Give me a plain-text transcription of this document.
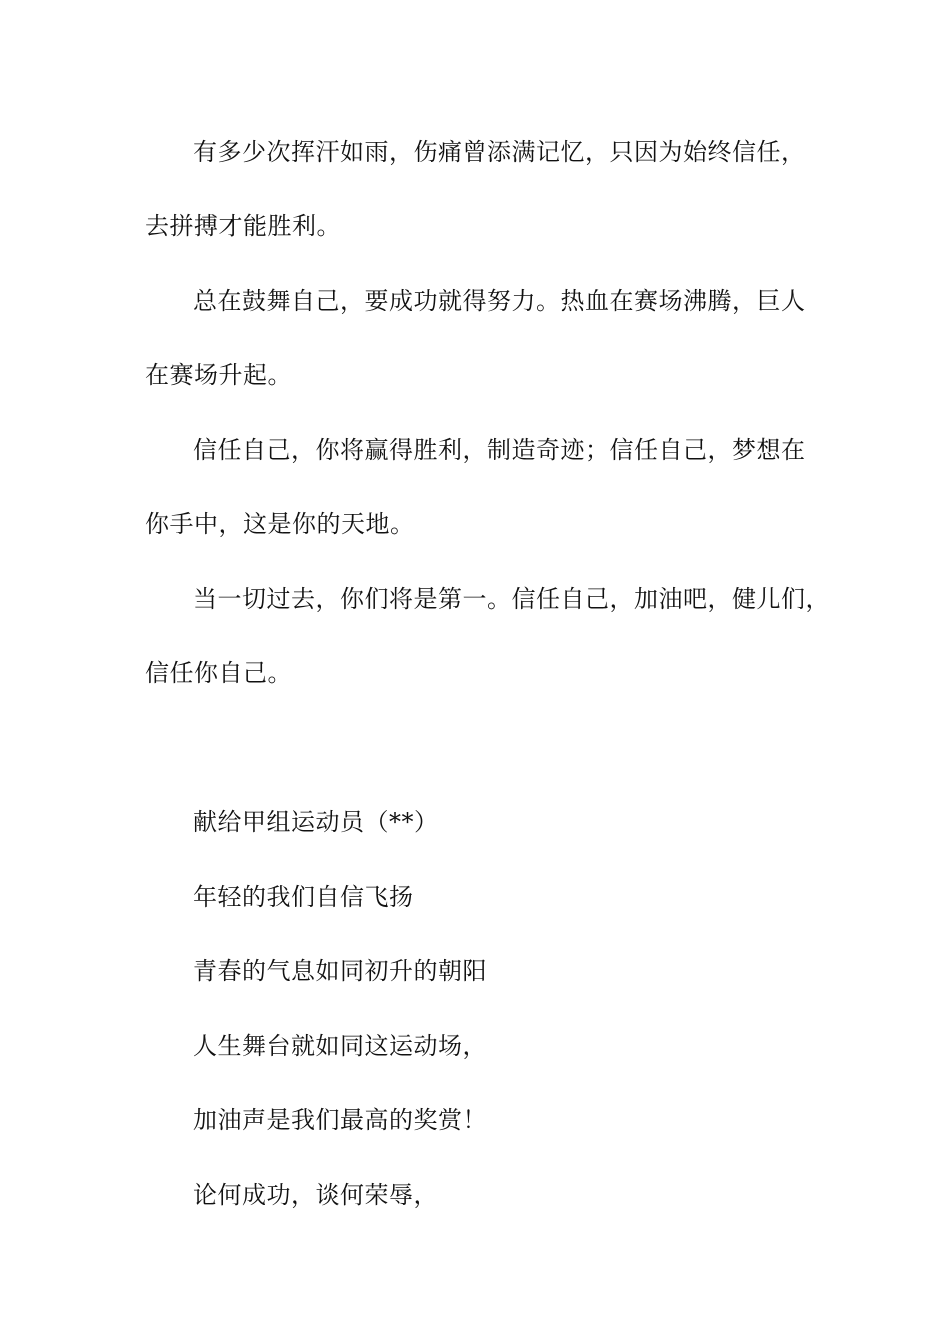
有多少次挥汗如雨，伤痛曾添满记忆，只因为始终信任，
去拼搏才能胜利。
总在鼓舞自己，要成功就得努力。热血在赛场沸腾，巨人
在赛场升起。
信任自己，你将赢得胜利，制造奇迹；信任自己，梦想在
你手中，这是你的天地。
当一切过去，你们将是第一。信任自己，加油吧，健儿们，
信任你自己。
献给甲组运动员（**）
年轻的我们自信飞扬
青春的气息如同初升的朝阳
人生舞台就如同这运动场，
加油声是我们最高的奖赏！
论何成功，谈何荣辱，
